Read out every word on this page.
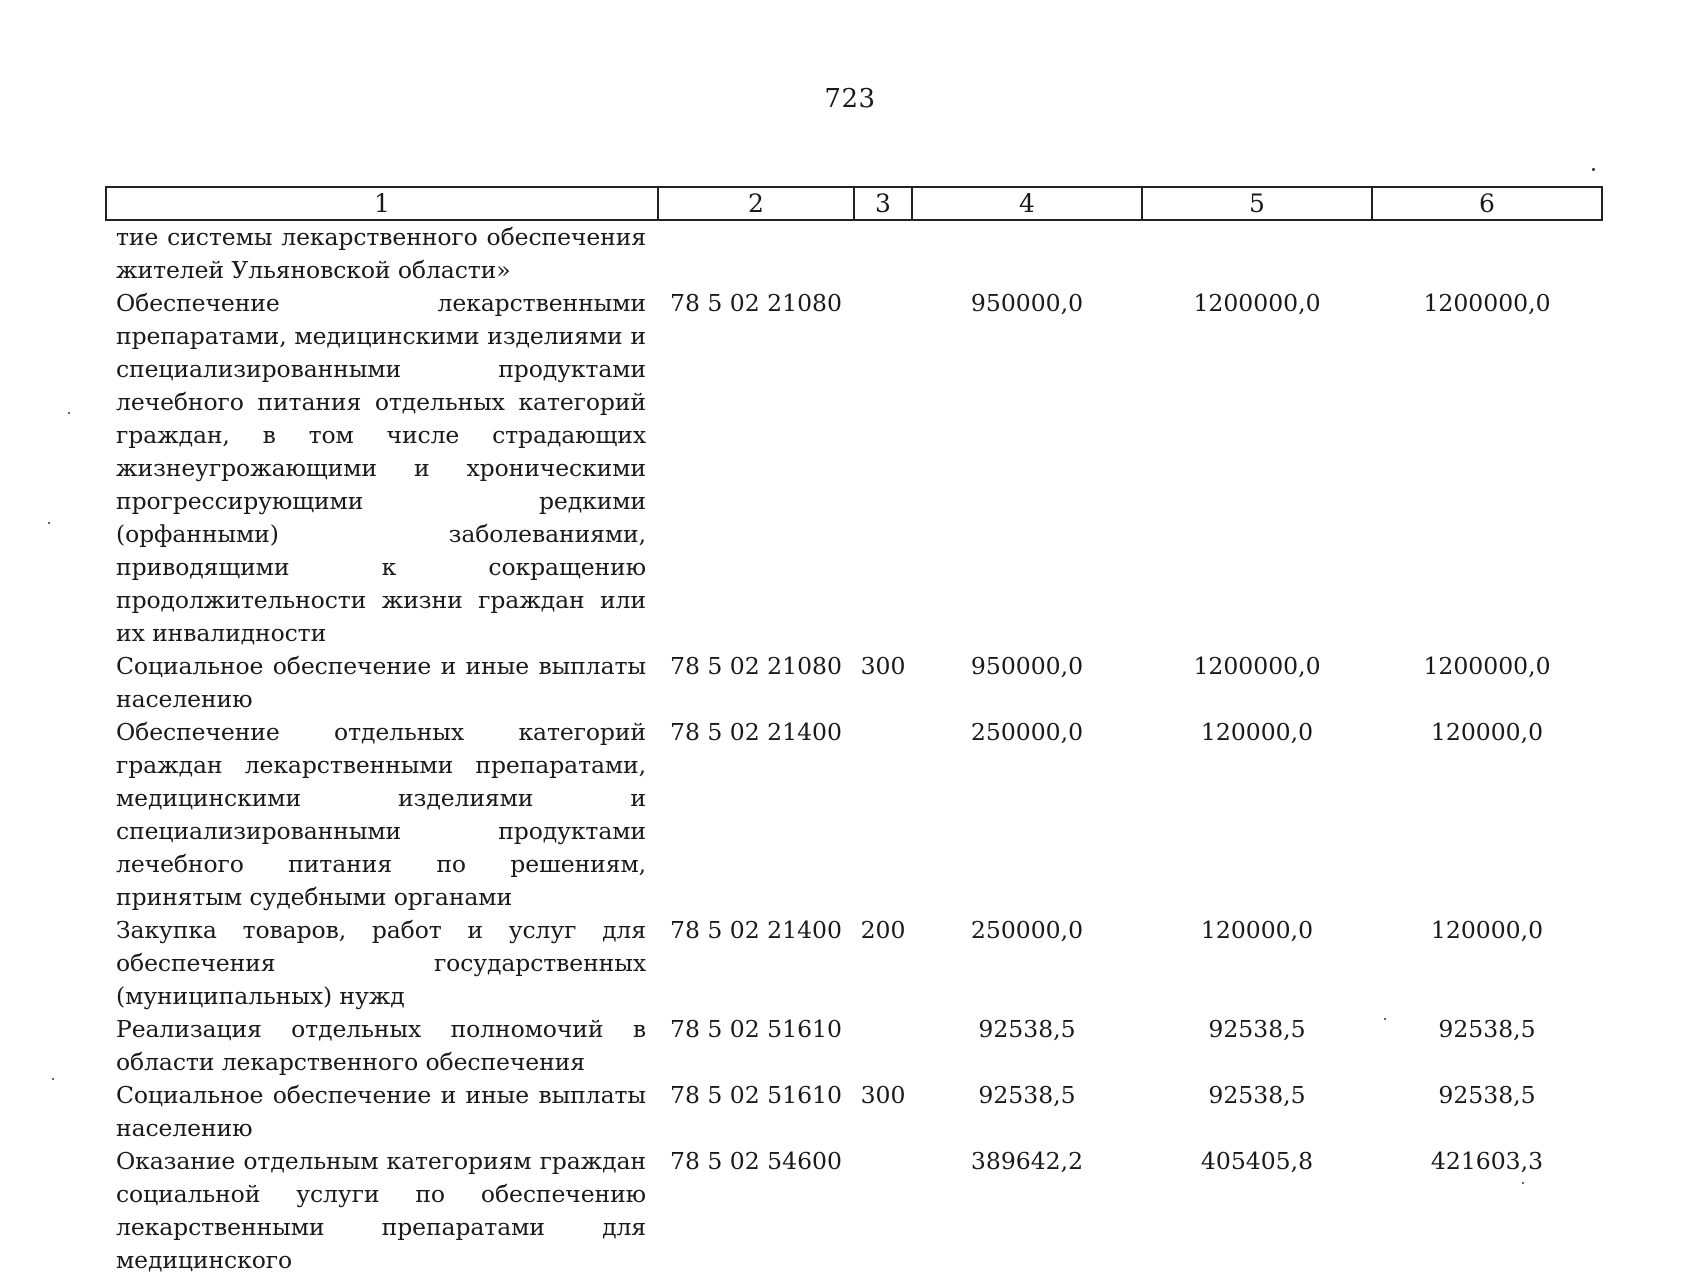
723
1	2	3	4	5	6
тие системы лекарственного обеспечения жителей Ульяновской области»					
Обеспечение лекарственными препаратами, медицинскими изделиями и специализированными продуктами лечебного питания отдельных категорий граждан, в том числе страдающих жизнеугрожающими и хроническими прогрессирующими редкими (орфанными) заболеваниями, приводящими к сокращению продолжительности жизни граждан или их инвалидности	78 5 02 21080		950000,0	1200000,0	1200000,0
Социальное обеспечение и иные выплаты населению	78 5 02 21080	300	950000,0	1200000,0	1200000,0
Обеспечение отдельных категорий граждан лекарственными препаратами, медицинскими изделиями и специализированными продуктами лечебного питания по решениям, принятым судебными органами	78 5 02 21400		250000,0	120000,0	120000,0
Закупка товаров, работ и услуг для обеспечения государственных (муниципальных) нужд	78 5 02 21400	200	250000,0	120000,0	120000,0
Реализация отдельных полномочий в области лекарственного обеспечения	78 5 02 51610		92538,5	92538,5	92538,5
Социальное обеспечение и иные выплаты населению	78 5 02 51610	300	92538,5	92538,5	92538,5
Оказание отдельным категориям граждан социальной услуги по обеспечению лекарственными препаратами для медицинского	78 5 02 54600		389642,2	405405,8	421603,3
